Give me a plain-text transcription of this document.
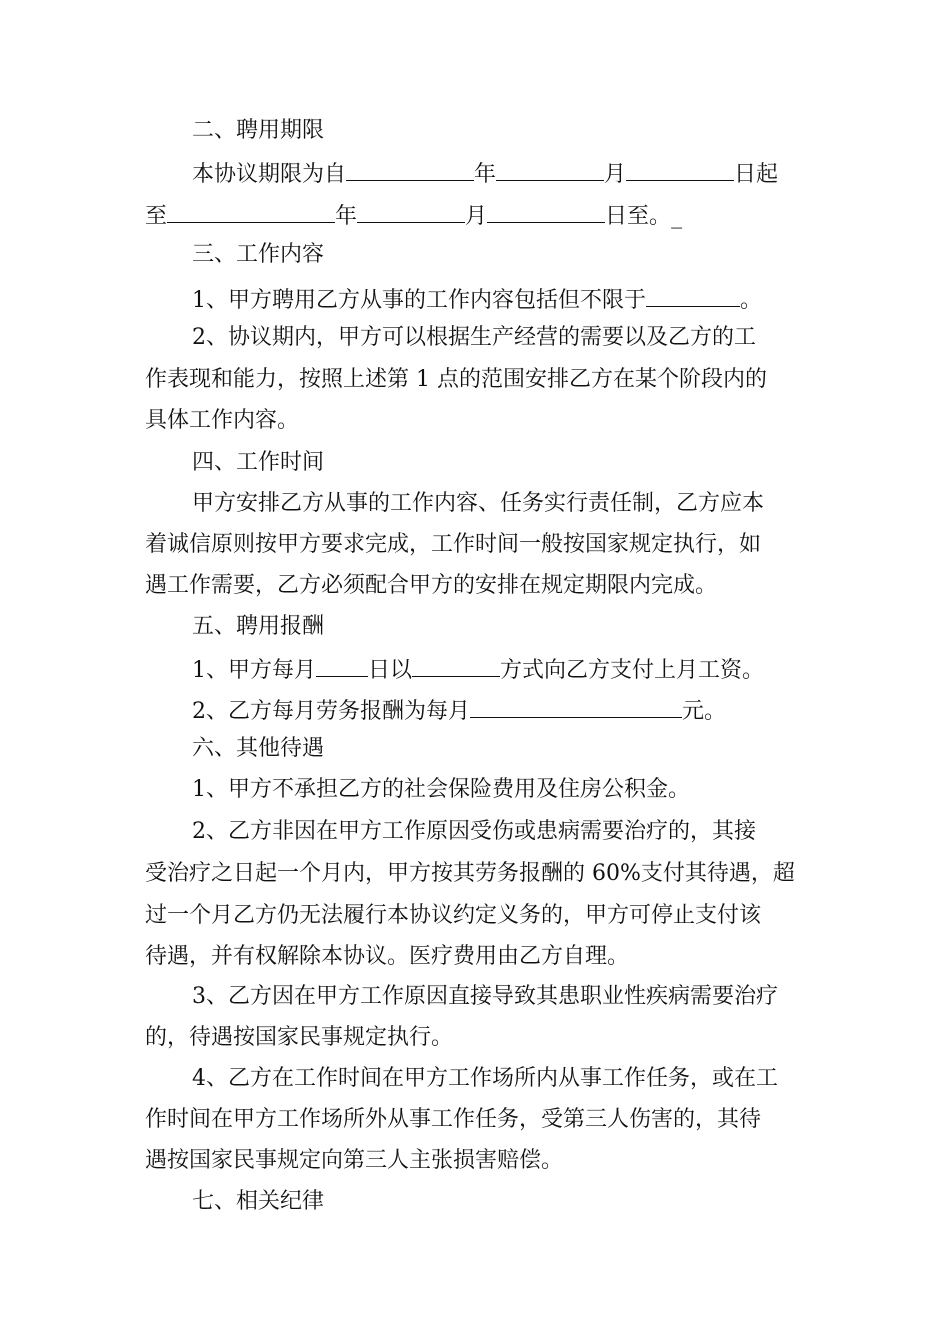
二、聘用期限
本协议期限为自	年	月	日起
至	年	月	日至。_
三、工作内容
1、甲方聘用乙方从事的工作内容包括但不限于	。
2、协议期内，甲方可以根据生产经营的需要以及乙方的工
作表现和能力，按照上述第 1 点的范围安排乙方在某个阶段内的
具体工作内容。
四、工作时间
甲方安排乙方从事的工作内容、任务实行责任制，乙方应本
着诚信原则按甲方要求完成，工作时间一般按国家规定执行，如
遇工作需要，乙方必须配合甲方的安排在规定期限内完成。
五、聘用报酬
1、甲方每月 日以	方式向乙方支付上月工资。
2、乙方每月劳务报酬为每月	元。
六、其他待遇
1、甲方不承担乙方的社会保险费用及住房公积金。
2、乙方非因在甲方工作原因受伤或患病需要治疗的，其接
受治疗之日起一个月内，甲方按其劳务报酬的 60%支付其待遇，超
过一个月乙方仍无法履行本协议约定义务的，甲方可停止支付该
待遇，并有权解除本协议。医疗费用由乙方自理。
3、乙方因在甲方工作原因直接导致其患职业性疾病需要治疗
的，待遇按国家民事规定执行。
4、乙方在工作时间在甲方工作场所内从事工作任务，或在工
作时间在甲方工作场所外从事工作任务，受第三人伤害的，其待
遇按国家民事规定向第三人主张损害赔偿。
七、相关纪律
